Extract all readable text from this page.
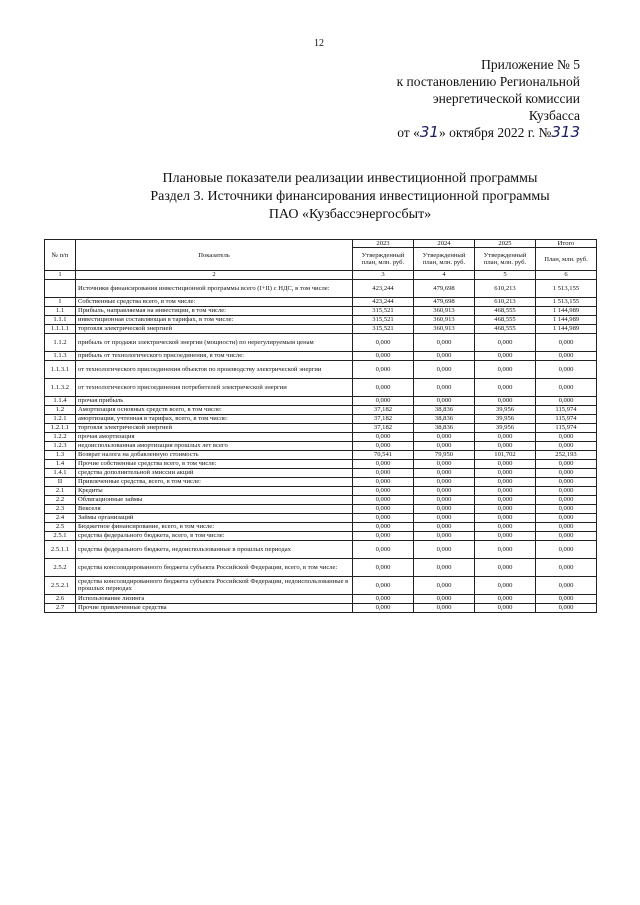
12
Приложение № 5
к постановлению Региональной
энергетической комиссии
Кузбасса
от «31» октября 2022 г. №313
Плановые показатели реализации инвестиционной программы
Раздел 3. Источники финансирования инвестиционной программы
ПАО «Кузбассэнергосбыт»
№ п/п	Показатель	2023	2024	2025	Итого
		Утвержденный план, млн. руб.	Утвержденный план, млн. руб.	Утвержденный план, млн. руб.	План, млн. руб.
1	2	3	4	5	6
	Источники финансирования инвестиционной программы всего (I+II) с НДС, в том числе:	423,244	479,698	610,213	1 513,155
I	Собственные средства всего, в том числе:	423,244	479,698	610,213	1 513,155
1.1	Прибыль, направляемая на инвестиции, в том числе:	315,521	360,913	468,555	1 144,989
1.1.1	инвестиционная составляющая в тарифах, в том числе:	315,521	360,913	468,555	1 144,989
1.1.1.1	торговля электрической энергией	315,521	360,913	468,555	1 144,989
1.1.2	прибыль от продажи электрической энергии (мощности) по нерегулируемым ценам	0,000	0,000	0,000	0,000
1.1.3	прибыль от технологического присоединения, в том числе:	0,000	0,000	0,000	0,000
1.1.3.1	от технологического присоединения объектов по производству электрической энергии	0,000	0,000	0,000	0,000
1.1.3.2	от технологического присоединения потребителей электрической энергии	0,000	0,000	0,000	0,000
1.1.4	прочая прибыль	0,000	0,000	0,000	0,000
1.2	Амортизация основных средств всего, в том числе:	37,182	38,836	39,956	115,974
1.2.1	амортизация, учтенная в тарифах, всего, в том числе:	37,182	38,836	39,956	115,974
1.2.1.1	торговля электрической энергией	37,182	38,836	39,956	115,974
1.2.2	прочая амортизация	0,000	0,000	0,000	0,000
1.2.3	недоиспользованная амортизация прошлых лет всего	0,000	0,000	0,000	0,000
1.3	Возврат налога на добавленную стоимость	70,541	79,950	101,702	252,193
1.4	Прочие собственные средства всего, в том числе:	0,000	0,000	0,000	0,000
1.4.1	средства дополнительной эмиссии акций	0,000	0,000	0,000	0,000
II	Привлеченные средства, всего, в том числе:	0,000	0,000	0,000	0,000
2.1	Кредиты	0,000	0,000	0,000	0,000
2.2	Облигационные займы	0,000	0,000	0,000	0,000
2.3	Векселя	0,000	0,000	0,000	0,000
2.4	Займы организаций	0,000	0,000	0,000	0,000
2.5	Бюджетное финансирование, всего, в том числе:	0,000	0,000	0,000	0,000
2.5.1	средства федерального бюджета, всего, в том числе:	0,000	0,000	0,000	0,000
2.5.1.1	средства федерального бюджета, недоиспользованные в прошлых периодах	0,000	0,000	0,000	0,000
2.5.2	средства консолидированного бюджета субъекта Российской Федерации, всего, в том числе:	0,000	0,000	0,000	0,000
2.5.2.1	средства консолидированного бюджета субъекта Российской Федерации, недоиспользованные в прошлых периодах	0,000	0,000	0,000	0,000
2.6	Использование лизинга	0,000	0,000	0,000	0,000
2.7	Прочие привлеченные средства	0,000	0,000	0,000	0,000
